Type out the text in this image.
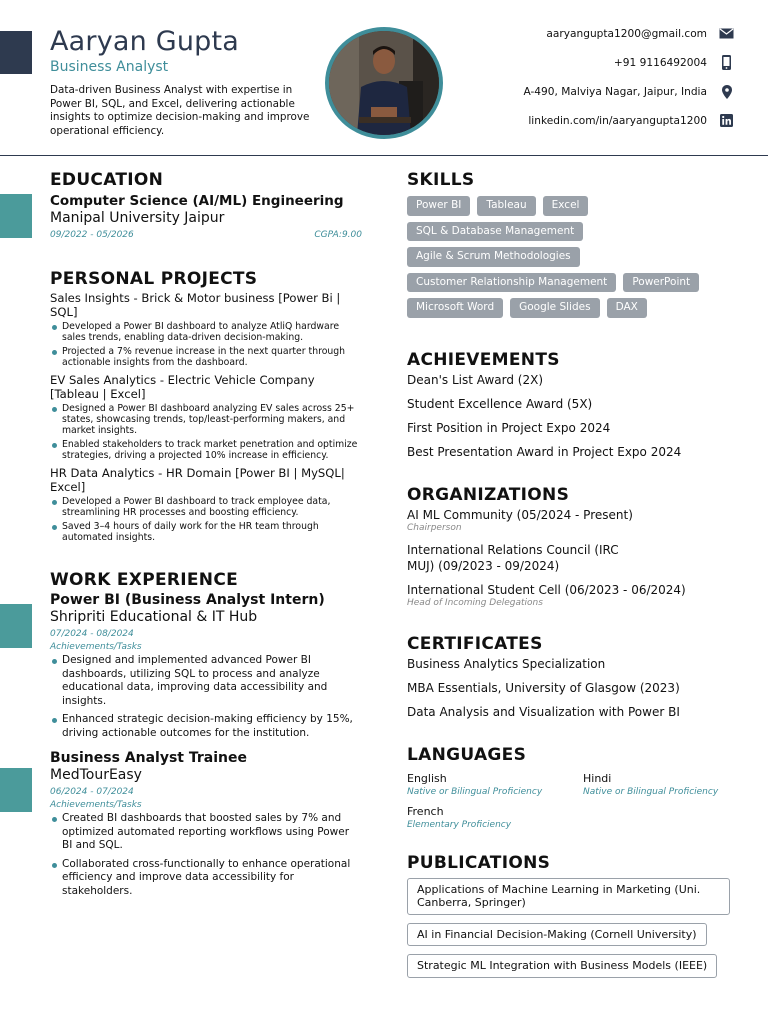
Aaryan Gupta
Business Analyst
Data-driven Business Analyst with expertise in Power BI, SQL, and Excel, delivering actionable insights to optimize decision-making and improve operational efficiency.
aaryangupta1200@gmail.com
+91 9116492004
A-490, Malviya Nagar, Jaipur, India
linkedin.com/in/aaryangupta1200
EDUCATION
Computer Science (AI/ML) Engineering
Manipal University Jaipur
09/2022 - 05/2026	CGPA:9.00
PERSONAL PROJECTS
Sales Insights - Brick & Motor business [Power Bi | SQL]
Developed a Power BI dashboard to analyze AtliQ hardware sales trends, enabling data-driven decision-making.
Projected a 7% revenue increase in the next quarter through actionable insights from the dashboard.
EV Sales Analytics - Electric Vehicle Company [Tableau | Excel]
Designed a Power BI dashboard analyzing EV sales across 25+ states, showcasing trends, top/least-performing makers, and market insights.
Enabled stakeholders to track market penetration and optimize strategies, driving a projected 10% increase in efficiency.
HR Data Analytics - HR Domain [Power BI | MySQL| Excel]
Developed a Power BI dashboard to track employee data, streamlining HR processes and boosting efficiency.
Saved 3–4 hours of daily work for the HR team through automated insights.
WORK EXPERIENCE
Power BI (Business Analyst Intern)
Shripriti Educational & IT Hub
07/2024 - 08/2024
Achievements/Tasks
Designed and implemented advanced Power BI dashboards, utilizing SQL to process and analyze educational data, improving data accessibility and insights.
Enhanced strategic decision-making efficiency by 15%, driving actionable outcomes for the institution.
Business Analyst Trainee
MedTourEasy
06/2024 - 07/2024
Achievements/Tasks
Created BI dashboards that boosted sales by 7% and optimized automated reporting workflows using Power BI and SQL.
Collaborated cross-functionally to enhance operational efficiency and improve data accessibility for stakeholders.
SKILLS
Power BI	Tableau	Excel
SQL & Database Management
Agile & Scrum Methodologies
Customer Relationship Management	PowerPoint
Microsoft Word	Google Slides	DAX
ACHIEVEMENTS
Dean's List Award (2X)
Student Excellence Award (5X)
First Position in Project Expo 2024
Best Presentation Award in Project Expo 2024
ORGANIZATIONS
AI ML Community (05/2024 - Present)
Chairperson
International Relations Council (IRC MUJ) (09/2023 - 09/2024)
International Student Cell (06/2023 - 06/2024)
Head of Incoming Delegations
CERTIFICATES
Business Analytics Specialization
MBA Essentials, University of Glasgow (2023)
Data Analysis and Visualization with Power BI
LANGUAGES
English
Native or Bilingual Proficiency
Hindi
Native or Bilingual Proficiency
French
Elementary Proficiency
PUBLICATIONS
Applications of Machine Learning in Marketing (Uni. Canberra, Springer)
AI in Financial Decision-Making (Cornell University)
Strategic ML Integration with Business Models (IEEE)
